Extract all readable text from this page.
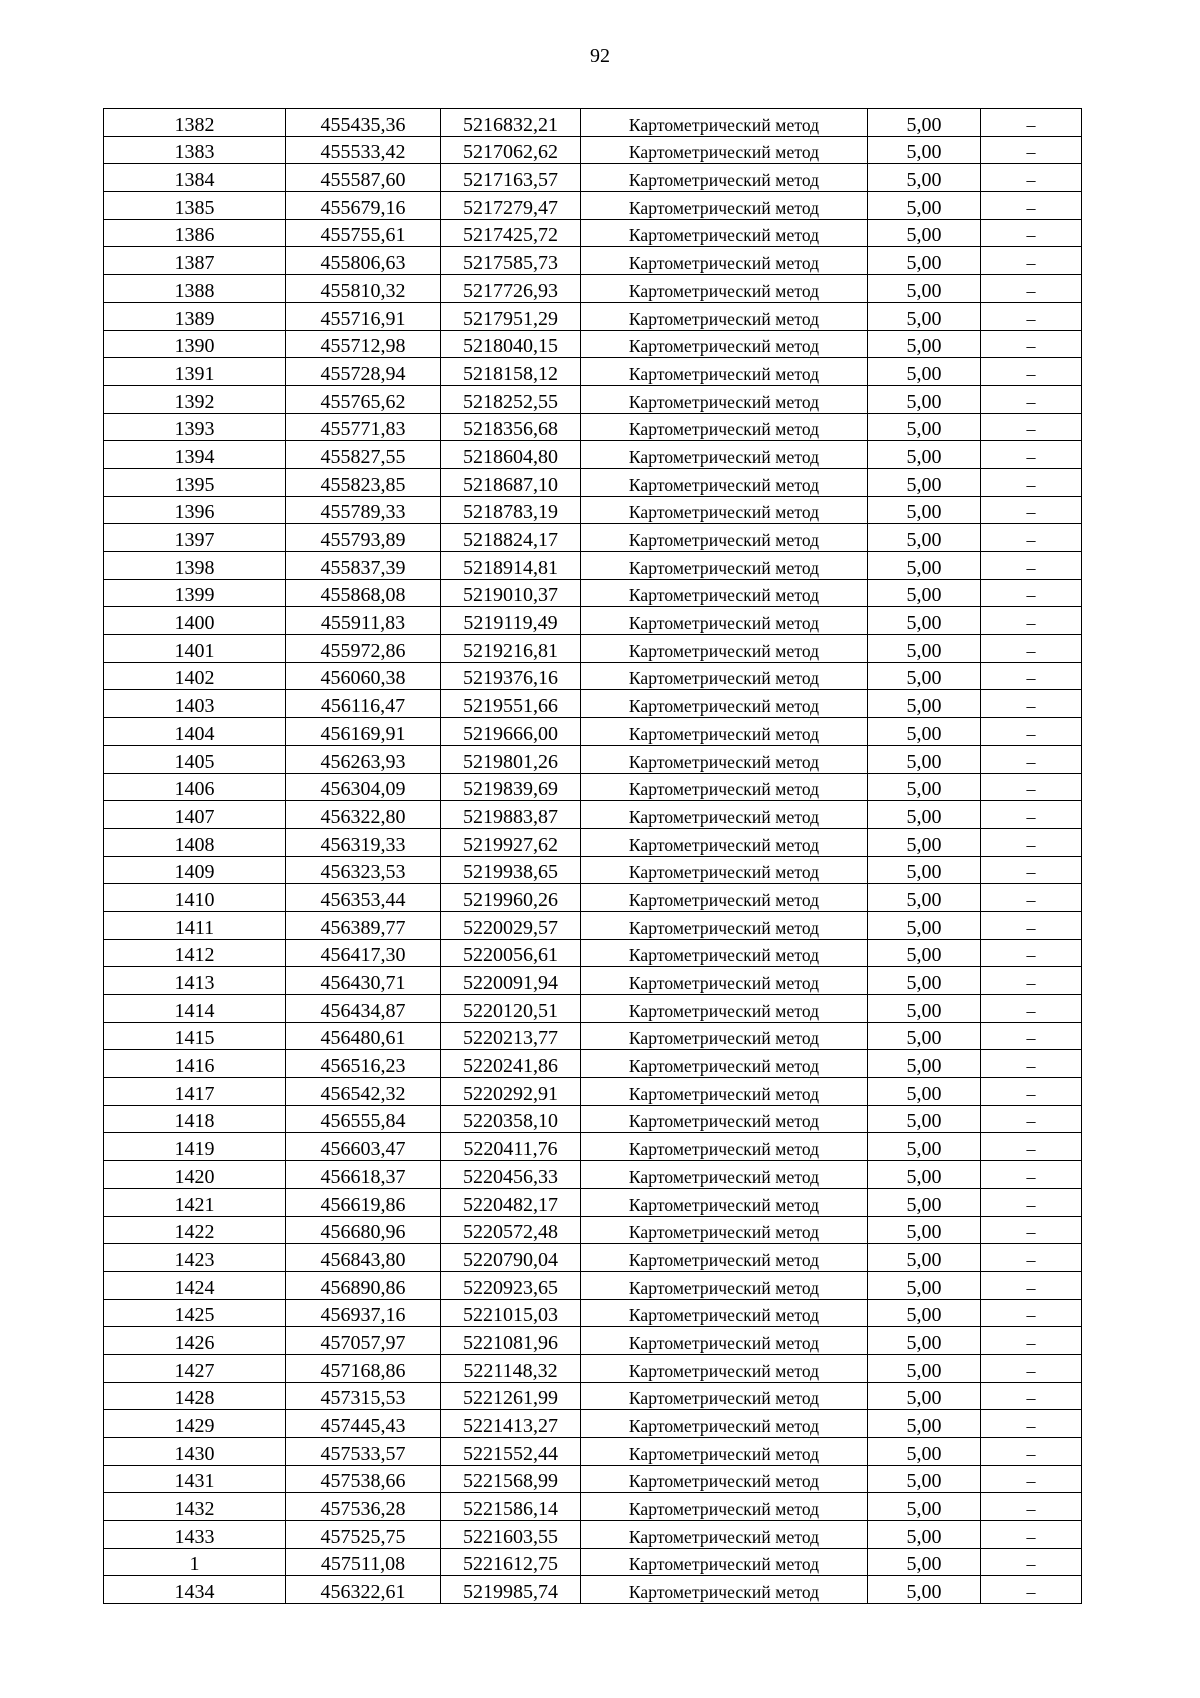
92
1382	455435,36	5216832,21	Картометрический метод	5,00	–
1383	455533,42	5217062,62	Картометрический метод	5,00	–
1384	455587,60	5217163,57	Картометрический метод	5,00	–
1385	455679,16	5217279,47	Картометрический метод	5,00	–
1386	455755,61	5217425,72	Картометрический метод	5,00	–
1387	455806,63	5217585,73	Картометрический метод	5,00	–
1388	455810,32	5217726,93	Картометрический метод	5,00	–
1389	455716,91	5217951,29	Картометрический метод	5,00	–
1390	455712,98	5218040,15	Картометрический метод	5,00	–
1391	455728,94	5218158,12	Картометрический метод	5,00	–
1392	455765,62	5218252,55	Картометрический метод	5,00	–
1393	455771,83	5218356,68	Картометрический метод	5,00	–
1394	455827,55	5218604,80	Картометрический метод	5,00	–
1395	455823,85	5218687,10	Картометрический метод	5,00	–
1396	455789,33	5218783,19	Картометрический метод	5,00	–
1397	455793,89	5218824,17	Картометрический метод	5,00	–
1398	455837,39	5218914,81	Картометрический метод	5,00	–
1399	455868,08	5219010,37	Картометрический метод	5,00	–
1400	455911,83	5219119,49	Картометрический метод	5,00	–
1401	455972,86	5219216,81	Картометрический метод	5,00	–
1402	456060,38	5219376,16	Картометрический метод	5,00	–
1403	456116,47	5219551,66	Картометрический метод	5,00	–
1404	456169,91	5219666,00	Картометрический метод	5,00	–
1405	456263,93	5219801,26	Картометрический метод	5,00	–
1406	456304,09	5219839,69	Картометрический метод	5,00	–
1407	456322,80	5219883,87	Картометрический метод	5,00	–
1408	456319,33	5219927,62	Картометрический метод	5,00	–
1409	456323,53	5219938,65	Картометрический метод	5,00	–
1410	456353,44	5219960,26	Картометрический метод	5,00	–
1411	456389,77	5220029,57	Картометрический метод	5,00	–
1412	456417,30	5220056,61	Картометрический метод	5,00	–
1413	456430,71	5220091,94	Картометрический метод	5,00	–
1414	456434,87	5220120,51	Картометрический метод	5,00	–
1415	456480,61	5220213,77	Картометрический метод	5,00	–
1416	456516,23	5220241,86	Картометрический метод	5,00	–
1417	456542,32	5220292,91	Картометрический метод	5,00	–
1418	456555,84	5220358,10	Картометрический метод	5,00	–
1419	456603,47	5220411,76	Картометрический метод	5,00	–
1420	456618,37	5220456,33	Картометрический метод	5,00	–
1421	456619,86	5220482,17	Картометрический метод	5,00	–
1422	456680,96	5220572,48	Картометрический метод	5,00	–
1423	456843,80	5220790,04	Картометрический метод	5,00	–
1424	456890,86	5220923,65	Картометрический метод	5,00	–
1425	456937,16	5221015,03	Картометрический метод	5,00	–
1426	457057,97	5221081,96	Картометрический метод	5,00	–
1427	457168,86	5221148,32	Картометрический метод	5,00	–
1428	457315,53	5221261,99	Картометрический метод	5,00	–
1429	457445,43	5221413,27	Картометрический метод	5,00	–
1430	457533,57	5221552,44	Картометрический метод	5,00	–
1431	457538,66	5221568,99	Картометрический метод	5,00	–
1432	457536,28	5221586,14	Картометрический метод	5,00	–
1433	457525,75	5221603,55	Картометрический метод	5,00	–
1	457511,08	5221612,75	Картометрический метод	5,00	–
1434	456322,61	5219985,74	Картометрический метод	5,00	–
